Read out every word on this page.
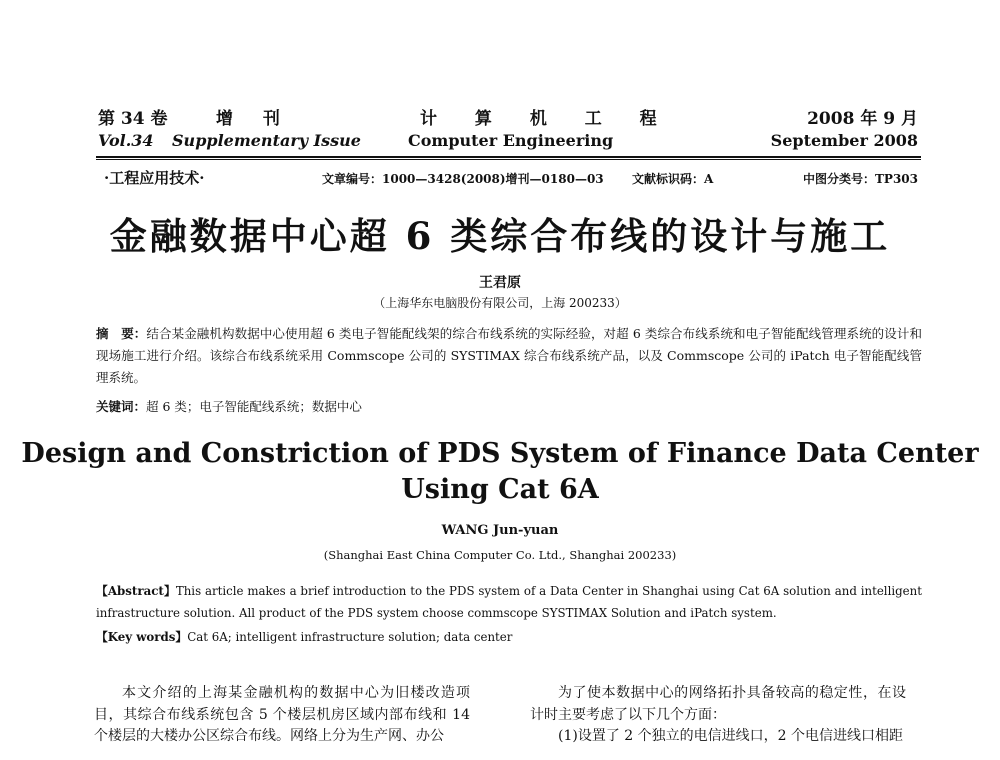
第 34 卷	增 刊	计 算 机 工 程	2008 年 9 月
Vol.34 Supplementary Issue	Computer Engineering	September 2008
·工程应用技术·	文章编号：1000—3428(2008)增刊—0180—03 文献标识码：A	中图分类号：TP303
金融数据中心超 6 类综合布线的设计与施工
王君原
（上海华东电脑股份有限公司，上海 200233）
摘　要：结合某金融机构数据中心使用超 6 类电子智能配线架的综合布线系统的实际经验，对超 6 类综合布线系统和电子智能配线管理系统的设计和现场施工进行介绍。该综合布线系统采用 Commscope 公司的 SYSTIMAX 综合布线系统产品，以及 Commscope 公司的 iPatch 电子智能配线管理系统。
关键词：超 6 类；电子智能配线系统；数据中心
Design and Constriction of PDS System of Finance Data Center Using Cat 6A
WANG Jun-yuan
(Shanghai East China Computer Co. Ltd., Shanghai 200233)
【Abstract】This article makes a brief introduction to the PDS system of a Data Center in Shanghai using Cat 6A solution and intelligent infrastructure solution. All product of the PDS system choose commscope SYSTIMAX Solution and iPatch system.
【Key words】Cat 6A; intelligent infrastructure solution; data center

本文介绍的上海某金融机构的数据中心为旧楼改造项目，其综合布线系统包含 5 个楼层机房区域内部布线和 14 个楼层的大楼办公区综合布线。网络上分为生产网、办公

为了使本数据中心的网络拓扑具备较高的稳定性，在设计时主要考虑了以下几个方面：

(1)设置了 2 个独立的电信进线口，2 个电信进线口相距
